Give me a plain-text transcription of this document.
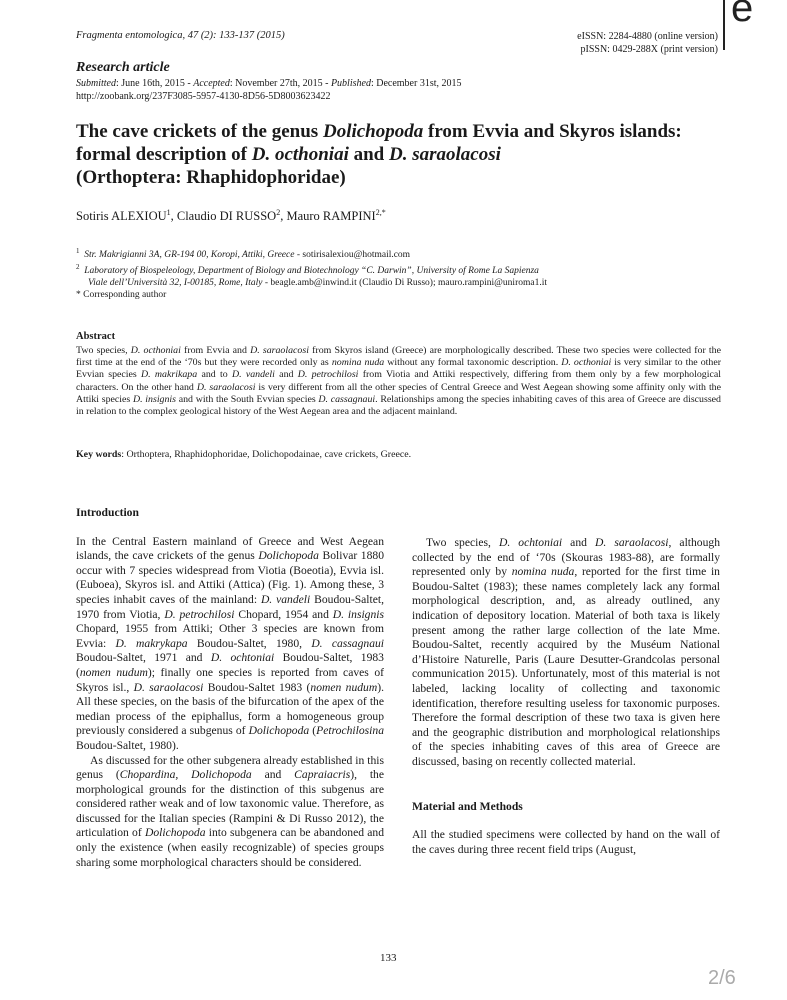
Fragmenta entomologica, 47 (2): 133-137 (2015)	eISSN: 2284-4880 (online version)
pISSN: 0429-288X (print version)
e
Research article
Submitted: June 16th, 2015 - Accepted: November 27th, 2015 - Published: December 31st, 2015
http://zoobank.org/237F3085-5957-4130-8D56-5D8003623422
The cave crickets of the genus Dolichopoda from Evvia and Skyros islands:
formal description of D. octhoniai and D. saraolacosi
(Orthoptera: Rhaphidophoridae)
Sotiris ALEXIOU$^1$, Claudio DI RUSSO$^2$, Mauro $RAMPINI^{2,*}$
$^1$ Str. Makrigianni 3A, GR-194 00, Koropi, Attiki, Greece - sotirisalexiou@hotmail.com
$^2$ Laboratory of Biospeleology, Department of Biology and Biotechnology “C. Darwin”, University of Rome La Sapienza
Viale dell’Università 32, I-00185, Rome, Italy - beagle.amb@inwind.it (Claudio Di Russo); mauro.rampini@uniroma1.it
* Corresponding author
Abstract
Two species, D. octhoniai from Evvia and D. saraolacosi from Skyros island (Greece) are morphologically described. These two species were collected for the first time at the end of the ‘70s but they were recorded only as nomina nuda without any formal taxonomic description. D. octhoniai is very similar to the other Evvian species D. makrikapa and to D. vandeli and D. petrochilosi from Viotia and Attiki respectively, differing from them only by a few morphological characters. On the other hand D. saraolacosi is very different from all the other species of Central Greece and West Aegean showing some affinity only with the Attiki species D. insignis and with the South Evvian species D. cassagnaui. Relationships among the species inhabiting caves of this area of Greece are discussed in relation to the complex geological history of the West Aegean area and the adjacent mainland.
Key words: Orthoptera, Rhaphidophoridae, Dolichopodainae, cave crickets, Greece.
Introduction

In the Central Eastern mainland of Greece and West Aegean islands, the cave crickets of the genus Dolichopoda Bolivar 1880 occur with 7 species widespread from Viotia (Boeotia), Evvia isl. (Euboea), Skyros isl. and Attiki (Attica) (Fig. 1). Among these, 3 species inhabit caves of the mainland: D. vandeli Boudou-Saltet, 1970 from Viotia, D. petrochilosi Chopard, 1954 and D. insignis Chopard, 1955 from Attiki; Other 3 species are known from Evvia: D. makrykapa Boudou-Saltet, 1980, D. cassagnaui Boudou-Saltet, 1971 and D. ochtoniai Boudou-Saltet, 1983 (nomen nudum); finally one species is reported from caves of Skyros isl., D. saraolacosi Boudou-Saltet 1983 (nomen nudum). All these species, on the basis of the bifurcation of the apex of the median process of the epiphallus, form a homogeneous group previously considered a subgenus of Dolichopoda (Petrochilosina Boudou-Saltet, 1980).

As discussed for the other subgenera already established in this genus (Chopardina, Dolichopoda and Capraiacris), the morphological grounds for the distinction of this subgenus are considered rather weak and of low taxonomic value. Therefore, as discussed for the Italian species (Rampini & Di Russo 2012), the articulation of Dolichopoda into subgenera can be abandoned and only the existence (when easily recognizable) of species groups sharing some morphological characters should be considered.

Two species, D. ochtoniai and D. saraolacosi, although collected by the end of ‘70s (Skouras 1983-88), are formally represented only by nomina nuda, reported for the first time in Boudou-Saltet (1983); these names completely lack any formal morphological description, and, as already outlined, any indication of depository location. Material of both taxa is likely present among the rather large collection of the late Mme. Boudou-Saltet, recently acquired by the Muséum National d’Histoire Naturelle, Paris (Laure Desutter-Grandcolas personal communication 2015). Unfortunately, most of this material is not labeled, lacking locality of collecting and taxonomic identification, therefore resulting useless for taxonomic purposes. Therefore the formal description of these two taxa is given here and the geographic distribution and morphological relationships of the species inhabiting caves of this area of Greece are discussed, basing on recently collected material.

Material and Methods

All the studied specimens were collected by hand on the wall of the caves during three recent field trips (August,

133
2/6
